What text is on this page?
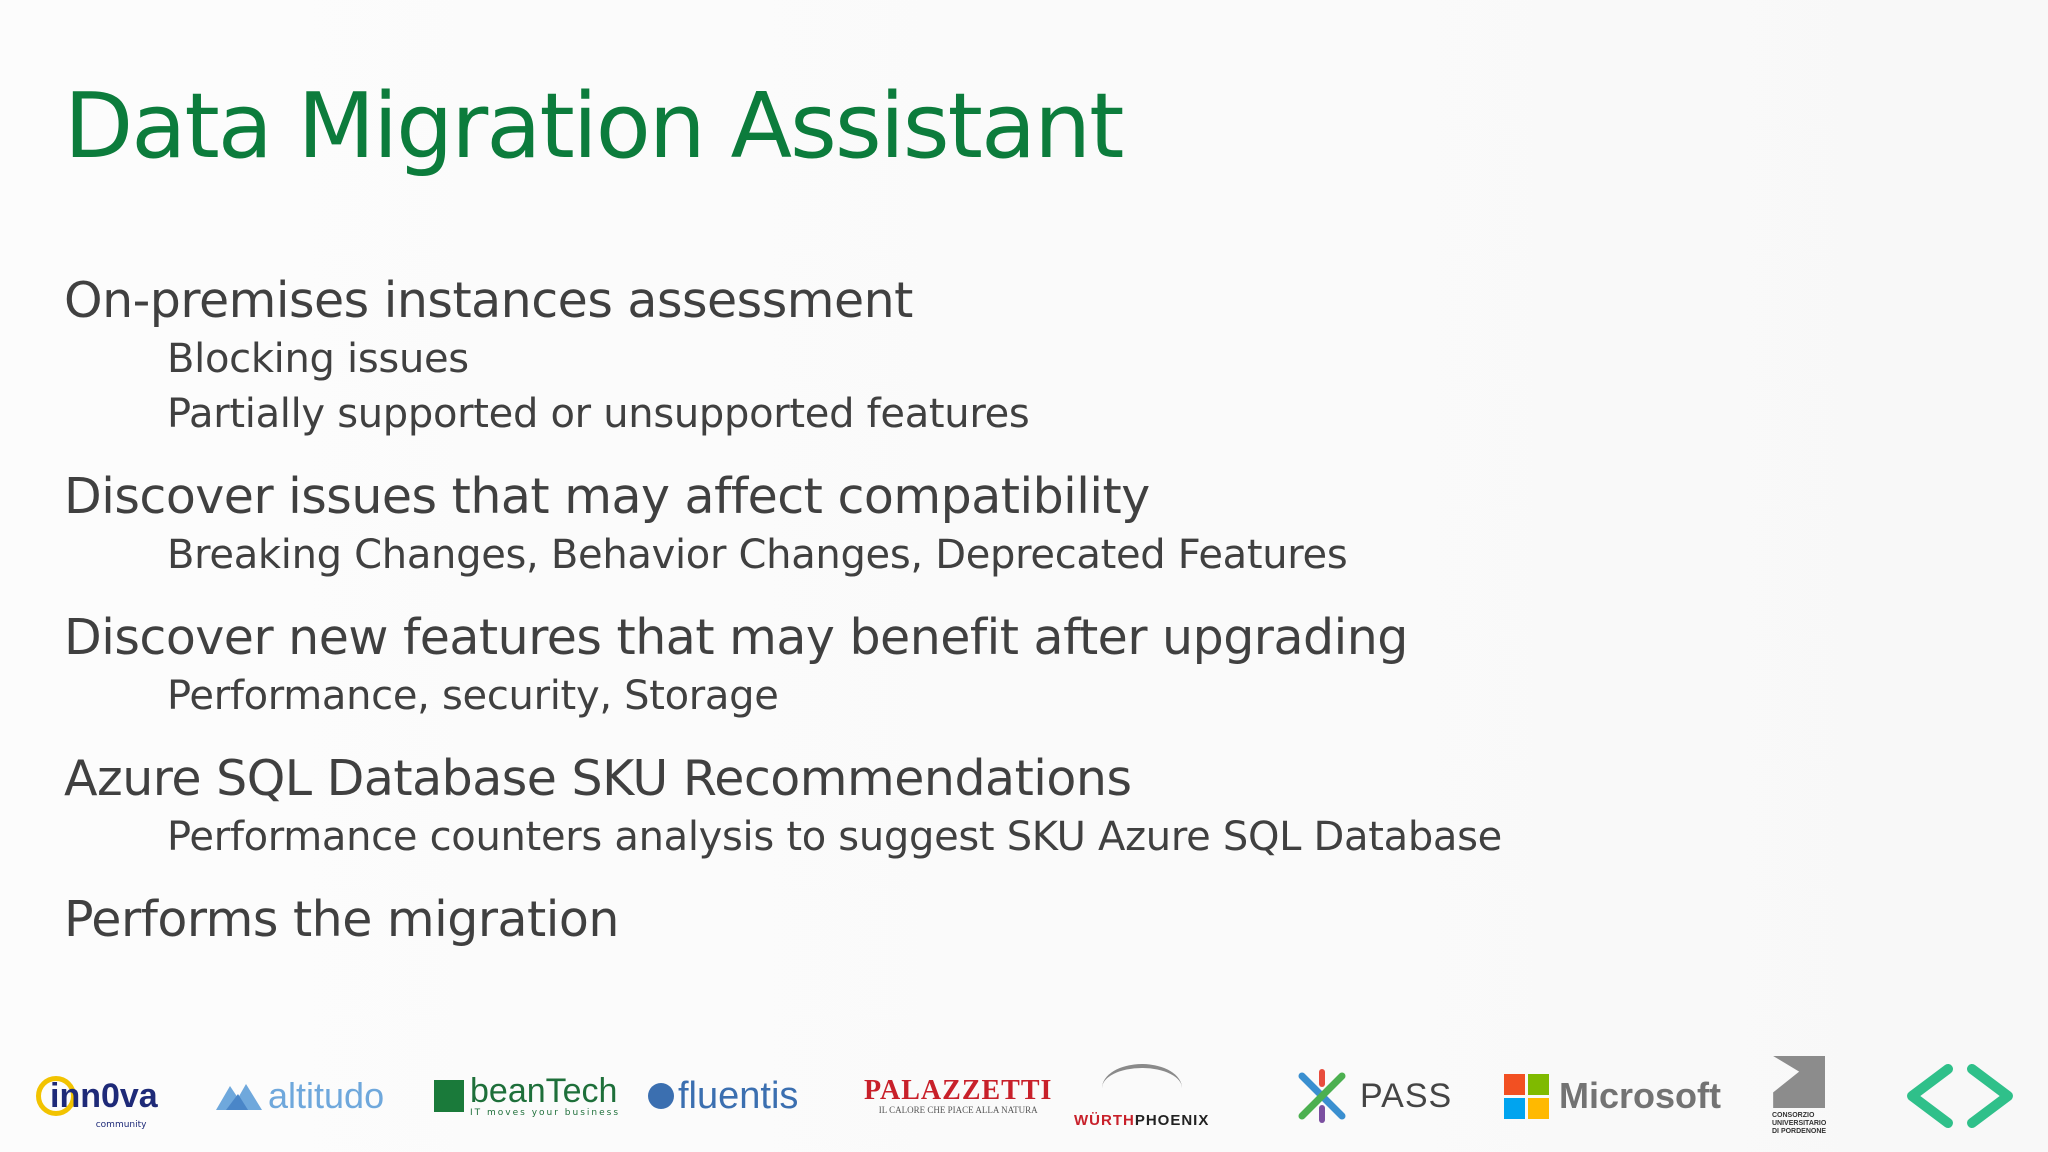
Data Migration Assistant
On-premises instances assessment
Blocking issues
Partially supported or unsupported features
Discover issues that may affect compatibility
Breaking Changes, Behavior Changes, Deprecated Features
Discover new features that may benefit after upgrading
Performance, security, Storage
Azure SQL Database SKU Recommendations
Performance counters analysis to suggest SKU Azure SQL Database
Performs the migration
inn0va
community
altitudo	beanTech
IT moves your business fluentis PALAZZETTI
IL CALORE CHE PIACE ALLA NATURA
WÜRTHPHOENIX
PASS	Microsoft	CONSORZIO
UNIVERSITARIO
DI PORDENONE
